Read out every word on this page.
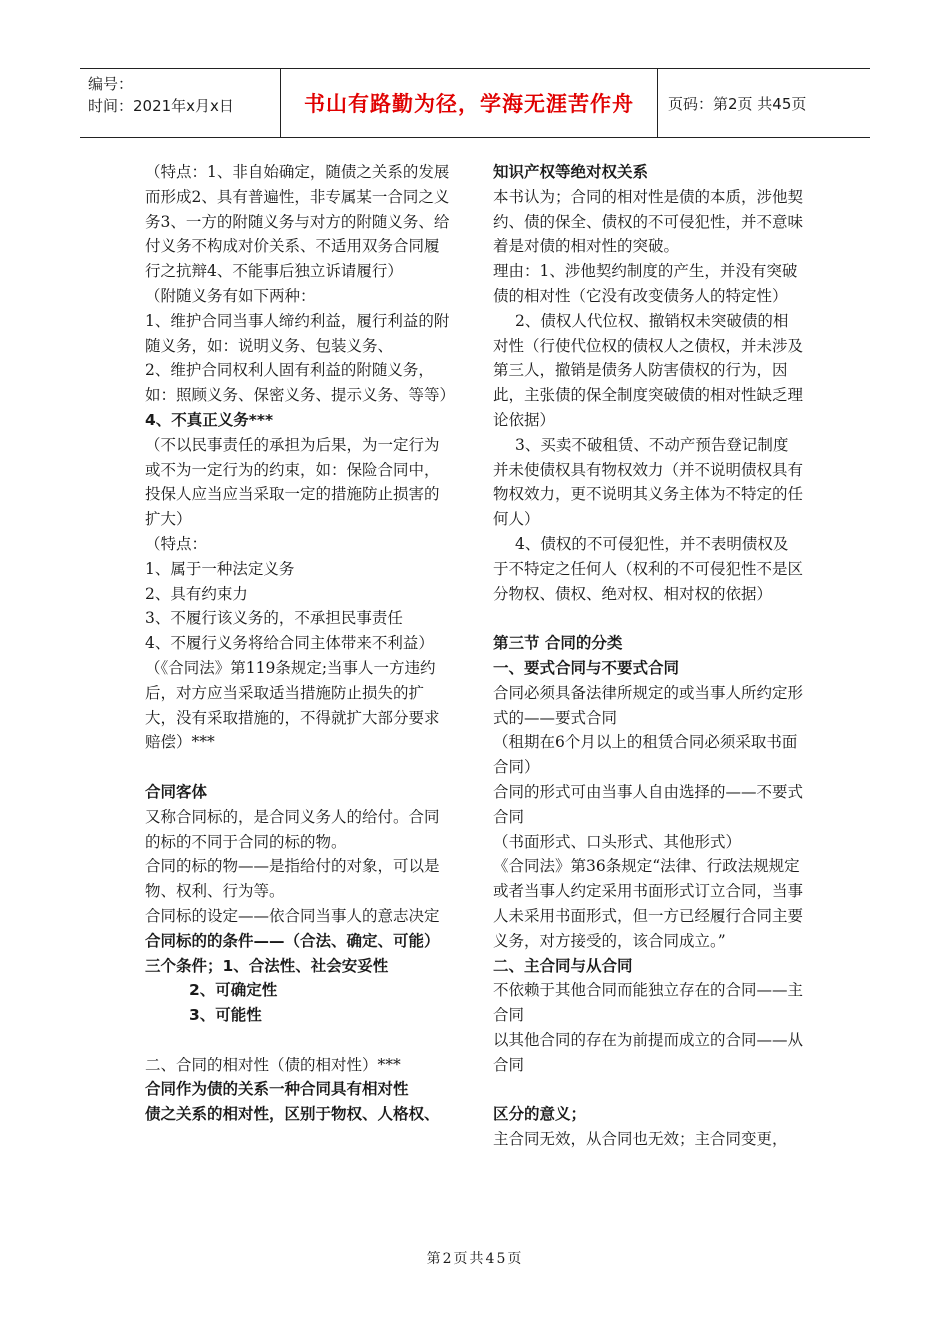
编号：
时间：2021年x月x日	书山有路勤为径，学海无涯苦作舟	页码：第2页 共45页

（特点：1、非自始确定，随债之关系的发展而形成2、具有普遍性，非专属某一合同之义务3、一方的附随义务与对方的附随义务、给付义务不构成对价关系、不适用双务合同履行之抗辩4、不能事后独立诉请履行）

（附随义务有如下两种：

1、维护合同当事人缔约利益，履行利益的附随义务，如：说明义务、包装义务、

2、维护合同权利人固有利益的附随义务，如：照顾义务、保密义务、提示义务、等等）

4、不真正义务***

（不以民事责任的承担为后果，为一定行为或不为一定行为的约束，如：保险合同中，投保人应当应当采取一定的措施防止损害的扩大）

（特点：

1、属于一种法定义务

2、具有约束力

3、不履行该义务的，不承担民事责任

4、不履行义务将给合同主体带来不利益）

（《合同法》第119条规定;当事人一方违约后，对方应当采取适当措施防止损失的扩大，没有采取措施的，不得就扩大部分要求赔偿）***

合同客体

又称合同标的，是合同义务人的给付。合同的标的不同于合同的标的物。

合同的标的物——是指给付的对象，可以是物、权利、行为等。

合同标的设定——依合同当事人的意志决定

合同标的的条件——（合法、确定、可能）

三个条件；1、合法性、社会安妥性

2、可确定性

3、可能性

二、合同的相对性（债的相对性）***

合同作为债的关系一种合同具有相对性

债之关系的相对性，区别于物权、人格权、

知识产权等绝对权关系

本书认为；合同的相对性是债的本质，涉他契约、债的保全、债权的不可侵犯性，并不意味着是对债的相对性的突破。

理由：1、涉他契约制度的产生，并没有突破债的相对性（它没有改变债务人的特定性）

2、债权人代位权、撤销权未突破债的相对性（行使代位权的债权人之债权，并未涉及第三人，撤销是债务人防害债权的行为，因此，主张债的保全制度突破债的相对性缺乏理论依据）

3、买卖不破租赁、不动产预告登记制度并未使债权具有物权效力（并不说明债权具有物权效力，更不说明其义务主体为不特定的任何人）

4、债权的不可侵犯性，并不表明债权及于不特定之任何人（权利的不可侵犯性不是区分物权、债权、绝对权、相对权的依据）

第三节 合同的分类

一、要式合同与不要式合同

合同必须具备法律所规定的或当事人所约定形式的——要式合同

（租期在6个月以上的租赁合同必须采取书面合同）

合同的形式可由当事人自由选择的——不要式合同

（书面形式、口头形式、其他形式）

《合同法》第36条规定“法律、行政法规规定或者当事人约定采用书面形式订立合同，当事人未采用书面形式，但一方已经履行合同主要义务，对方接受的，该合同成立。”

二、主合同与从合同

不依赖于其他合同而能独立存在的合同——主合同

以其他合同的存在为前提而成立的合同——从合同

区分的意义；

主合同无效，从合同也无效；主合同变更，

第2页共45页
